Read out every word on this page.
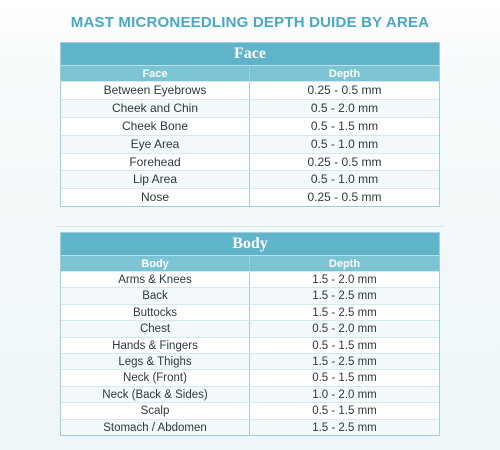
MAST MICRONEEDLING DEPTH DUIDE BY AREA
Face
Face	Depth
Between Eyebrows	0.25 - 0.5 mm
Cheek and Chin	0.5 - 2.0 mm
Cheek Bone	0.5 - 1.5 mm
Eye Area	0.5 - 1.0 mm
Forehead	0.25 - 0.5 mm
Lip Area	0.5 - 1.0 mm
Nose	0.25 - 0.5 mm
Body
Body	Depth
Arms & Knees	1.5 - 2.0 mm
Back	1.5 - 2.5 mm
Buttocks	1.5 - 2.5 mm
Chest	0.5 - 2.0 mm
Hands & Fingers	0.5 - 1.5 mm
Legs & Thighs	1.5 - 2.5 mm
Neck (Front)	0.5 - 1.5 mm
Neck (Back & Sides)	1.0 - 2.0 mm
Scalp	0.5 - 1.5 mm
Stomach / Abdomen	1.5 - 2.5 mm
